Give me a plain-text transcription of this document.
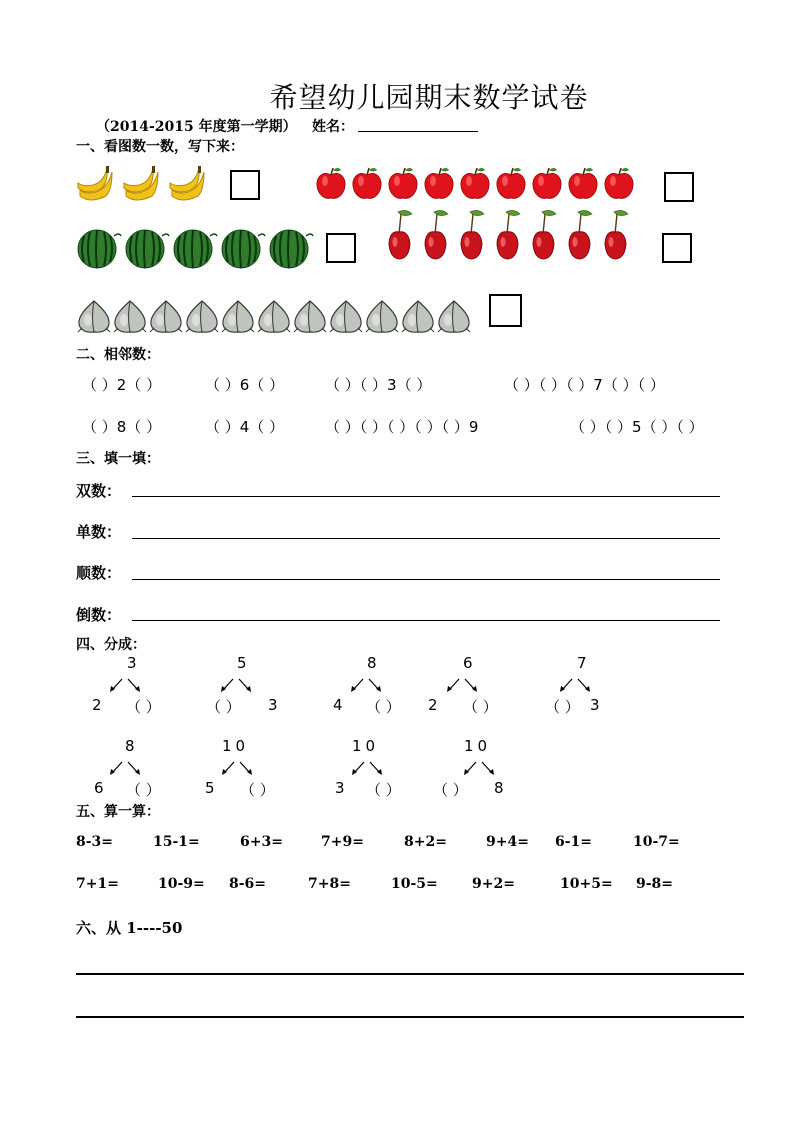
希望幼儿园期末数学试卷
（2014-2015 年度第一学期） 姓名：
一、看图数一数，写下来：
二、相邻数：
（ ）2（ ）	（ ）6（ ）	（ ）（ ）3（ ）	（ ）（ ）（ ）7（ ）（ ）
（ ）8（ ）	（ ）4（ ）	（ ）（ ）（ ）（ ）（ ）9	（ ）（ ）5（ ）（ ）
三、填一填：
双数：
单数：
顺数：
倒数：
四、分成：
3
2 （ ）
5
（ ） 3
8
4 （ ）
6
2 （ ）
7
（ ） 3
8
6 （ ）
10
5 （ ）
10
3 （ ）
10
（ ） 8
五、算一算：
8-3=	15-1=	6+3=	7+9=	8+2=	9+4= 6-1=	10-7=
7+1=	10-9= 8-6=	7+8=	10-5= 9+2=	10+5= 9-8=
六、从 1----50
